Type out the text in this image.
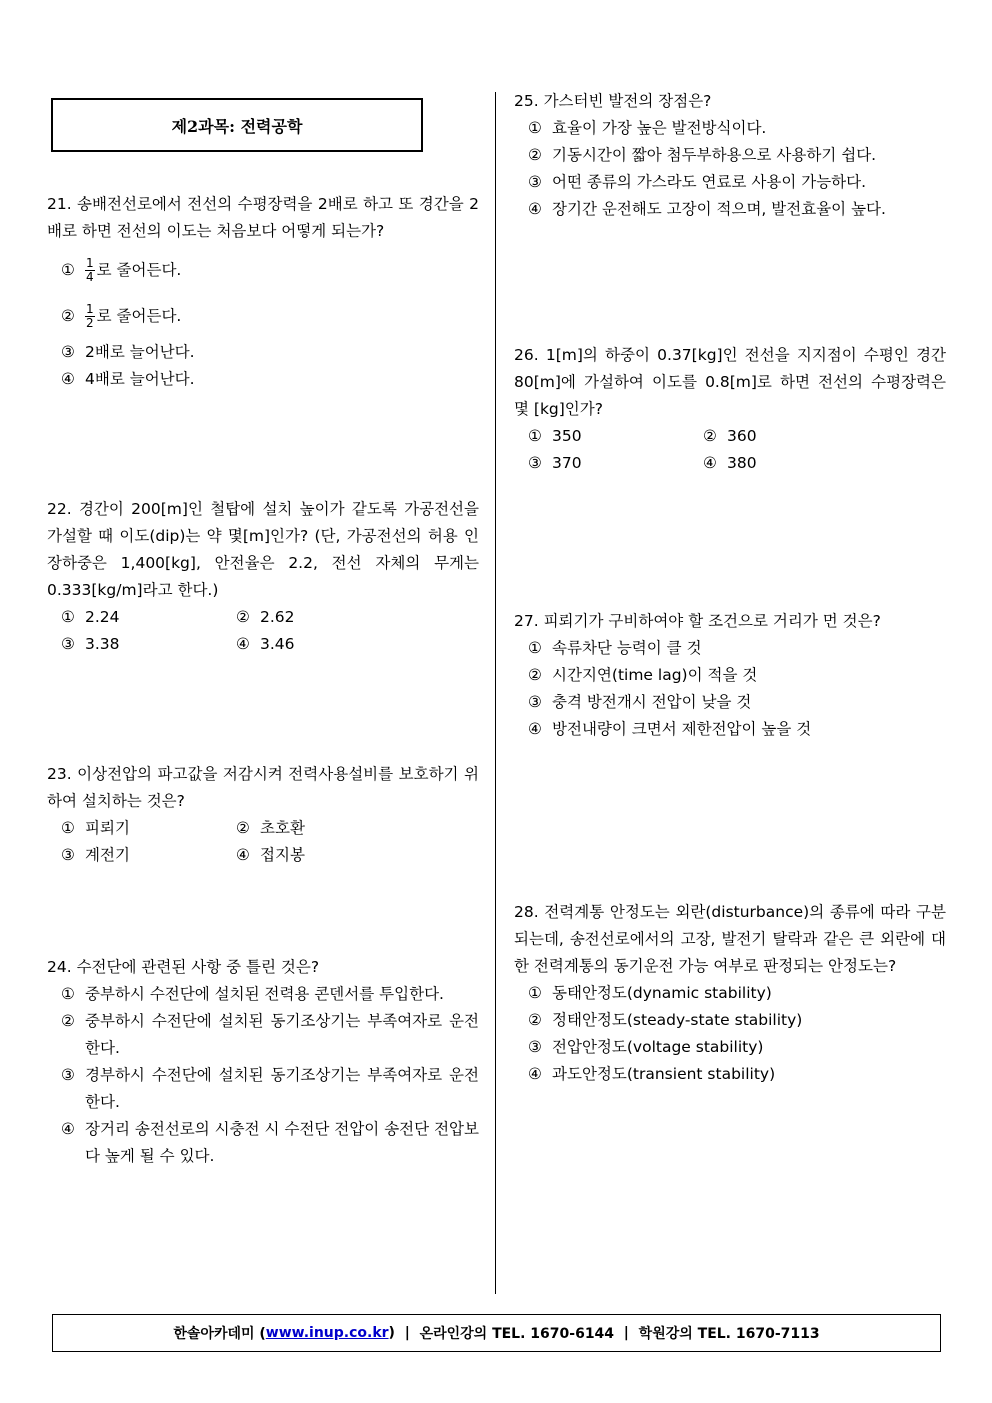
제2과목: 전력공학

21. 송배전선로에서 전선의 수평장력을 2배로 하고 또 경간을 2배로 하면 전선의 이도는 처음보다 어떻게 되는가?

① $\frac{1}{4}$ 로 줄어든다.
② $\frac{1}{2}$ 로 줄어든다.
③ 2배로 늘어난다.
④ 4배로 늘어난다.

22. 경간이 200[m]인 철탑에 설치 높이가 같도록 가공전선을 가설할 때 이도(dip)는 약 몇[m]인가? (단, 가공전선의 허용 인장하중은 1,400[kg], 안전율은 2.2, 전선 자체의 무게는 0.333[kg/m]라고 한다.)

① 2.24	② 2.62
③ 3.38	④ 3.46

23. 이상전압의 파고값을 저감시켜 전력사용설비를 보호하기 위하여 설치하는 것은?

① 피뢰기	② 초호환
③ 계전기	④ 접지봉

24. 수전단에 관련된 사항 중 틀린 것은?

① 중부하시 수전단에 설치된 전력용 콘덴서를 투입한다.
② 중부하시 수전단에 설치된 동기조상기는 부족여자로 운전한다.
③ 경부하시 수전단에 설치된 동기조상기는 부족여자로 운전한다.
④ 장거리 송전선로의 시충전 시 수전단 전압이 송전단 전압보다 높게 될 수 있다.

25. 가스터빈 발전의 장점은?

① 효율이 가장 높은 발전방식이다.
② 기동시간이 짧아 첨두부하용으로 사용하기 쉽다.
③ 어떤 종류의 가스라도 연료로 사용이 가능하다.
④ 장기간 운전해도 고장이 적으며, 발전효율이 높다.

26. 1[m]의 하중이 0.37[kg]인 전선을 지지점이 수평인 경간 80[m]에 가설하여 이도를 0.8[m]로 하면 전선의 수평장력은 몇 [kg]인가?

① 350	② 360
③ 370	④ 380

27. 피뢰기가 구비하여야 할 조건으로 거리가 먼 것은?

① 속류차단 능력이 클 것
② 시간지연(time lag)이 적을 것
③ 충격 방전개시 전압이 낮을 것
④ 방전내량이 크면서 제한전압이 높을 것

28. 전력계통 안정도는 외란(disturbance)의 종류에 따라 구분되는데, 송전선로에서의 고장, 발전기 탈락과 같은 큰 외란에 대한 전력계통의 동기운전 가능 여부로 판정되는 안정도는?

① 동태안정도(dynamic stability)
② 정태안정도(steady-state stability)
③ 전압안정도(voltage stability)
④ 과도안정도(transient stability)
한솔아카데미 ( www.inup.co.kr )
|
온라인강의 TEL. 1670-6144
|
학원강의 TEL. 1670-7113
